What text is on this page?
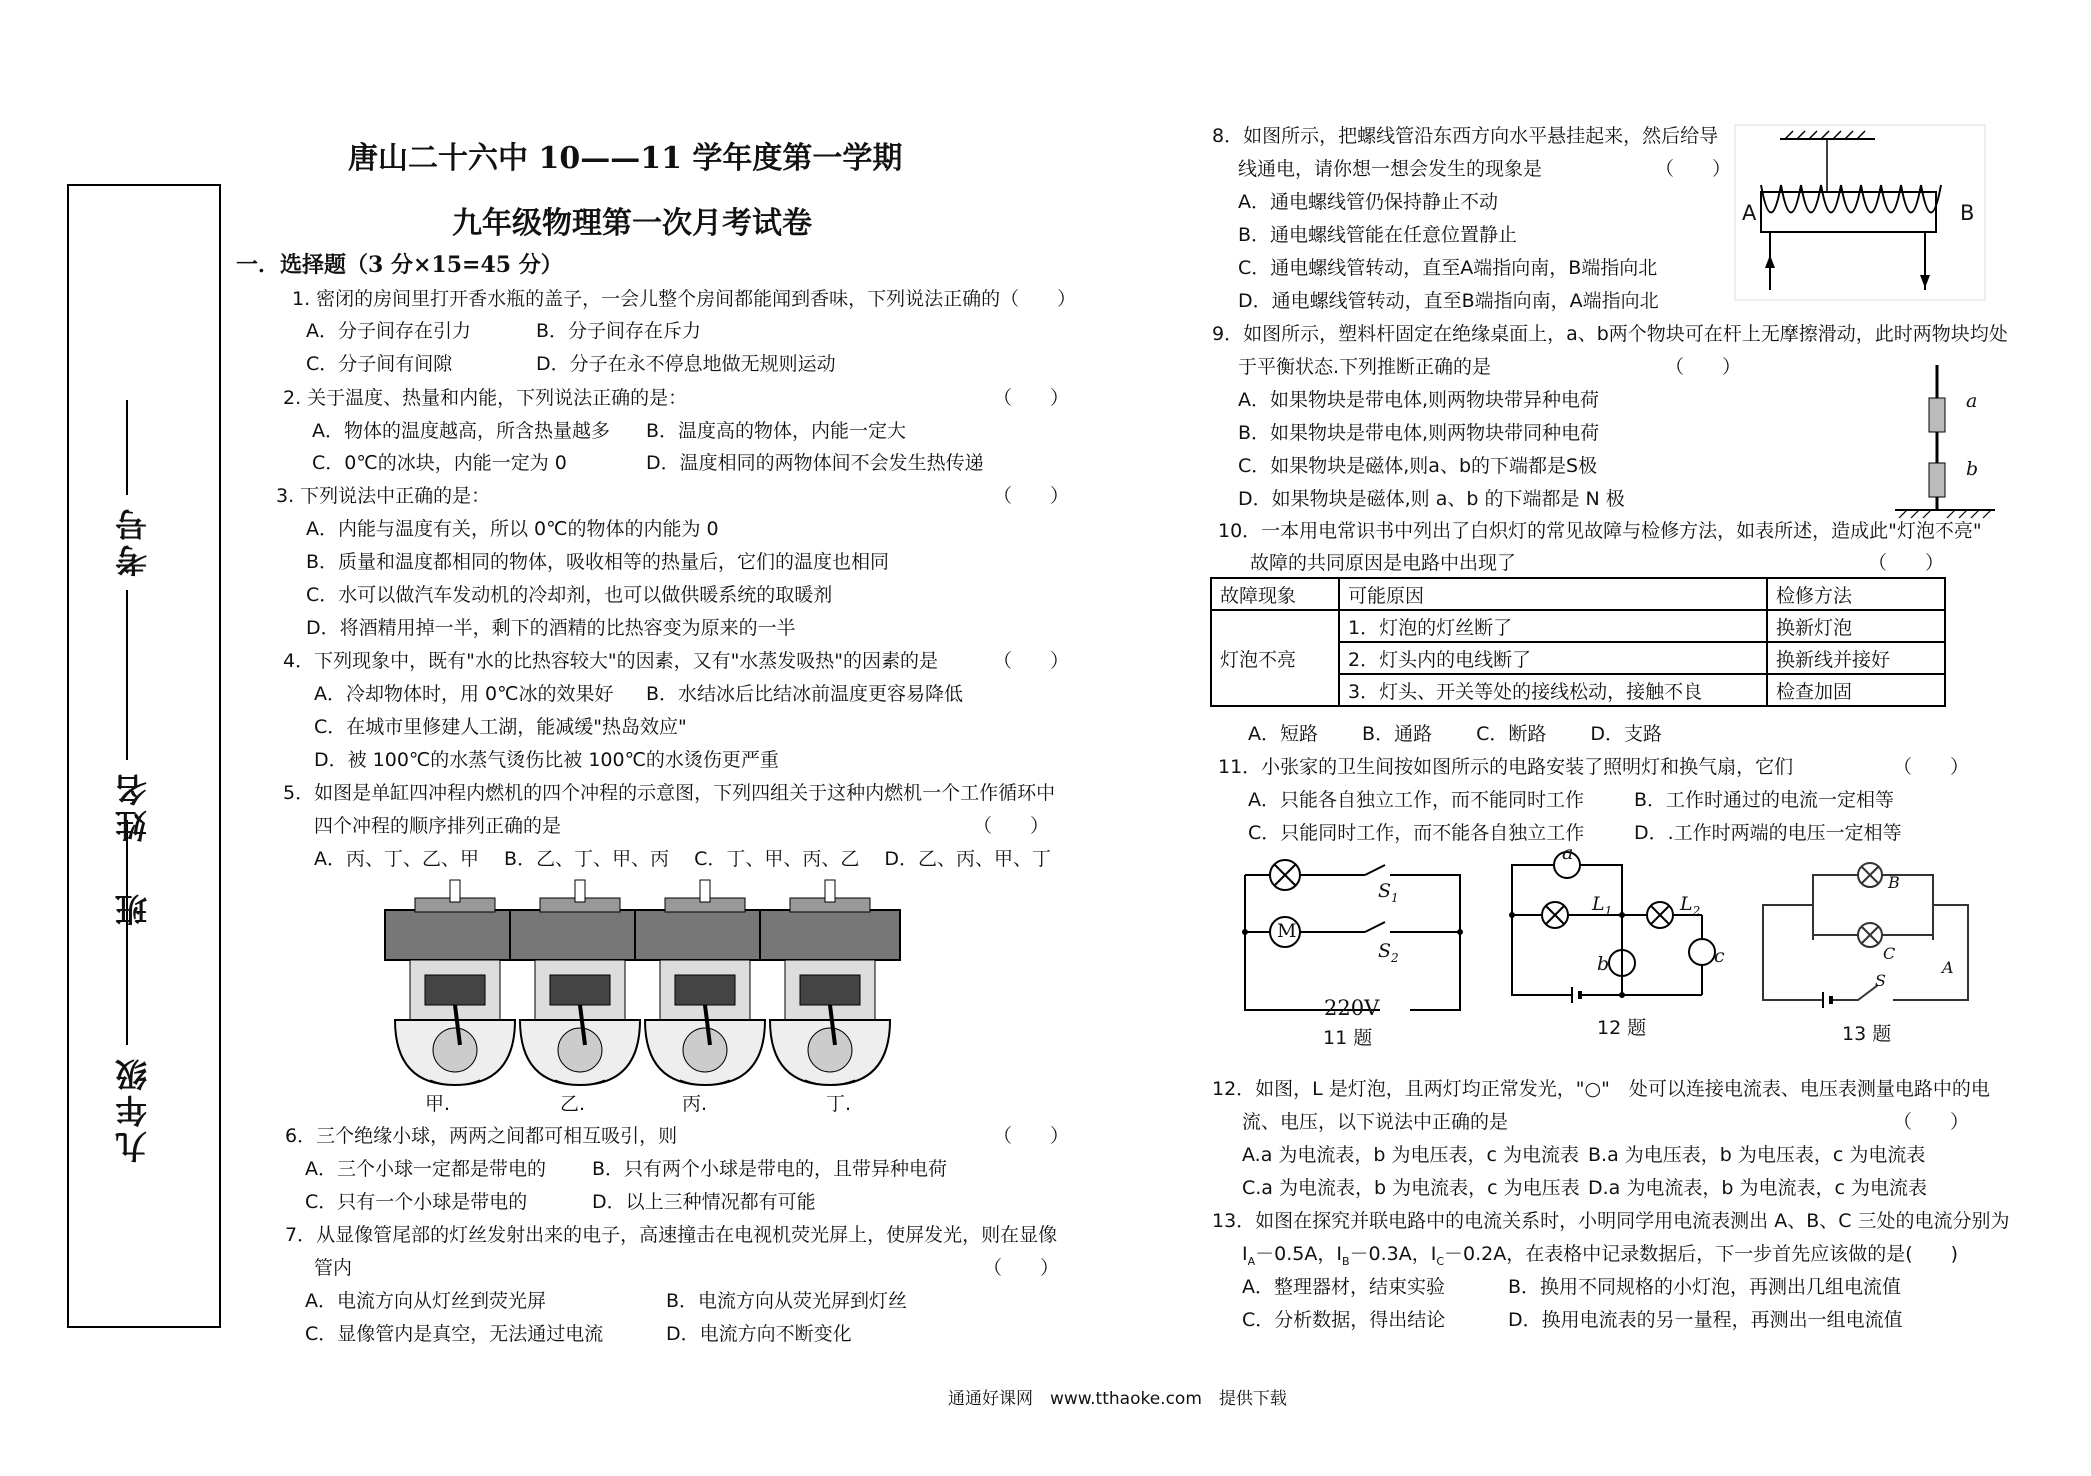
九年级
班
姓名
考号
唐山二十六中 10——11 学年度第一学期
九年级物理第一次月考试卷
一．选择题（3 分×15=45 分）
1. 密闭的房间里打开香水瓶的盖子，一会儿整个房间都能闻到香味，下列说法正确的（　　）
A．分子间存在引力	B．分子间存在斥力
C．分子间有间隙	D．分子在永不停息地做无规则运动
2. 关于温度、热量和内能，下列说法正确的是：	（　　）
A．物体的温度越高，所含热量越多 B．温度高的物体，内能一定大
C．0℃的冰块，内能一定为 0	D．温度相同的两物体间不会发生热传递
3. 下列说法中正确的是：	（　　）
A．内能与温度有关，所以 0℃的物体的内能为 0
B．质量和温度都相同的物体，吸收相等的热量后，它们的温度也相同
C．水可以做汽车发动机的冷却剂，也可以做供暖系统的取暖剂
D．将酒精用掉一半，剩下的酒精的比热容变为原来的一半
4．下列现象中，既有"水的比热容较大"的因素，又有"水蒸发吸热"的因素的是	（　　）
A．冷却物体时，用 0℃冰的效果好 B．水结冰后比结冰前温度更容易降低
C．在城市里修建人工湖，能减缓"热岛效应"
D．被 100℃的水蒸气烫伤比被 100℃的水烫伤更严重
5．如图是单缸四冲程内燃机的四个冲程的示意图，下列四组关于这种内燃机一个工作循环中
四个冲程的顺序排列正确的是	（　　）
A．丙、丁、乙、甲　 B．乙、丁、甲、丙　 C．丁、甲、丙、乙　 D．乙、丙、甲、丁
甲.	乙.	丙.	丁.
6．三个绝缘小球，两两之间都可相互吸引，则	（　　）
A．三个小球一定都是带电的 B．只有两个小球是带电的，且带异种电荷
C．只有一个小球是带电的	D．以上三种情况都有可能
7．从显像管尾部的灯丝发射出来的电子，高速撞击在电视机荧光屏上，使屏发光，则在显像
管内	（　　）
A．电流方向从灯丝到荧光屏	B．电流方向从荧光屏到灯丝
C．显像管内是真空，无法通过电流	D．电流方向不断变化
8．如图所示，把螺线管沿东西方向水平悬挂起来，然后给导
线通电，请你想一想会发生的现象是	（　　）
A．通电螺线管仍保持静止不动
B．通电螺线管能在任意位置静止
C．通电螺线管转动，直至A端指向南，B端指向北
D．通电螺线管转动，直至B端指向南，A端指向北
A	B
9．如图所示，塑料杆固定在绝缘桌面上，a、b两个物块可在杆上无摩擦滑动，此时两物块均处
于平衡状态.下列推断正确的是	（　　）
A．如果物块是带电体,则两物块带异种电荷
B．如果物块是带电体,则两物块带同种电荷
C．如果物块是磁体,则a、b的下端都是S极
D．如果物块是磁体,则 a、b 的下端都是 N 极
a
b
10．一本用电常识书中列出了白炽灯的常见故障与检修方法，如表所述，造成此"灯泡不亮"
故障的共同原因是电路中出现了	（　　）
故障现象	可能原因	检修方法
灯泡不亮	1．灯泡的灯丝断了	换新灯泡
	2．灯头内的电线断了	换新线并接好
	3．灯头、开关等处的接线松动，接触不良	检查加固
A．短路　　 B．通路　　 C．断路　　 D．支路
11．小张家的卫生间按如图所示的电路安装了照明灯和换气扇，它们	（　　）
A．只能各自独立工作，而不能同时工作	B．工作时通过的电流一定相等
C．只能同时工作，而不能各自独立工作	D．.工作时两端的电压一定相等
M
$S_1$
$S_2$
220V
11 题
a
$L_1$	$L_2$
b	c
12 题
B
C
A
S
13 题
12．如图，L 是灯泡，且两灯均正常发光，"○"　处可以连接电流表、电压表测量电路中的电
流、电压，以下说法中正确的是	（　　）
A.a 为电流表，b 为电压表，c 为电流表 B.a 为电压表，b 为电压表，c 为电流表
C.a 为电流表，b 为电流表，c 为电压表 D.a 为电流表，b 为电流表，c 为电流表
13．如图在探究并联电路中的电流关系时，小明同学用电流表测出 A、B、C 三处的电流分别为
$I_A-0.5A$，$I_B-0.3A$，$I_C-0.2A$，在表格中记录数据后，下一步首先应该做的是(　　)
A．整理器材，结束实验	B．换用不同规格的小灯泡，再测出几组电流值
C．分析数据，得出结论	D．换用电流表的另一量程，再测出一组电流值
通通好课网　www.tthaoke.com　提供下载
